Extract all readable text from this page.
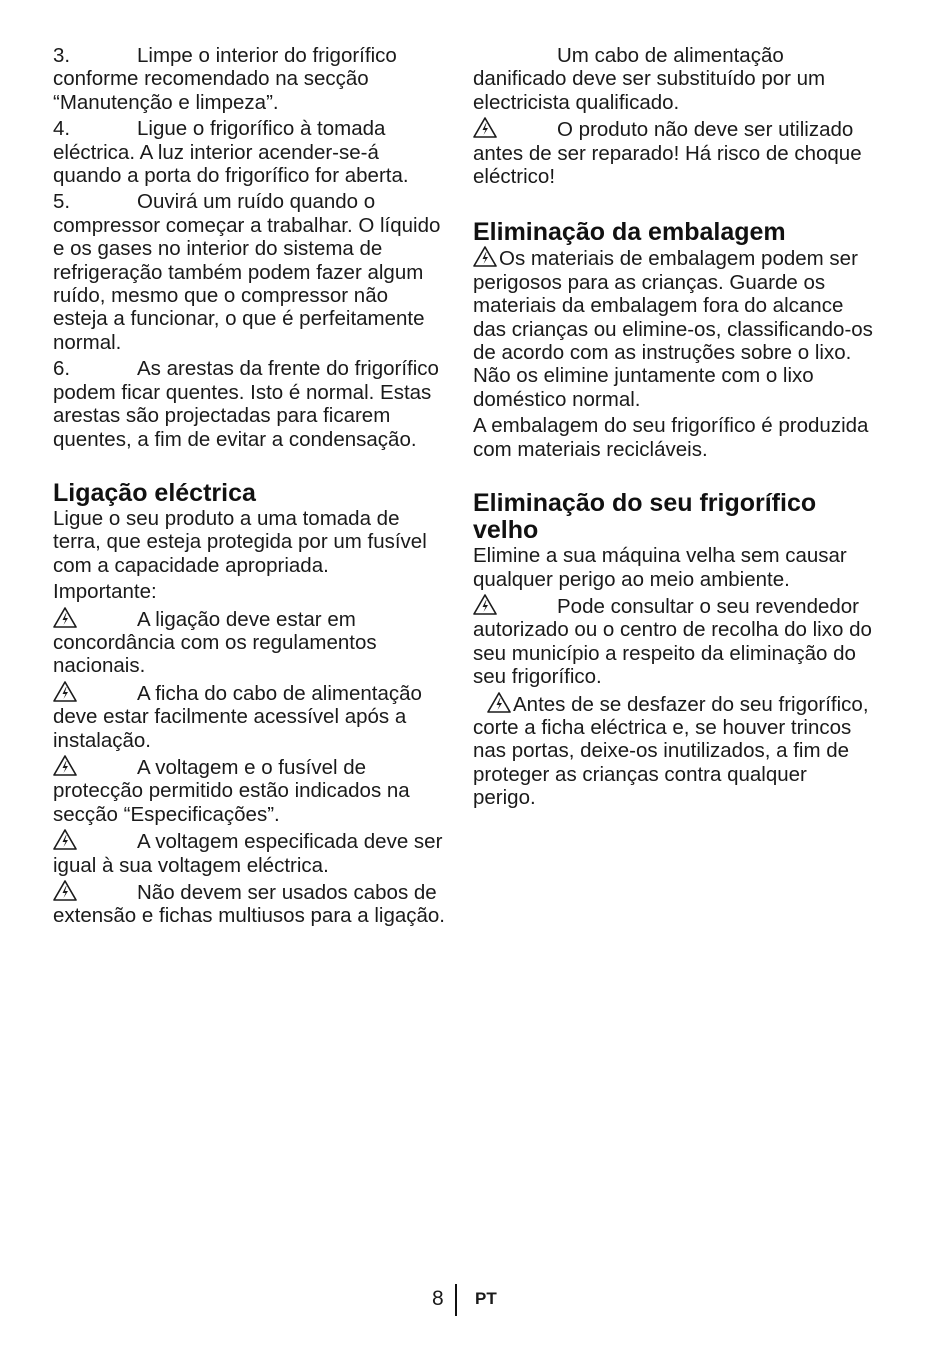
3.	Limpe o interior do frigorífico conforme recomendado na secção “Manutenção e limpeza”.

4.	Ligue o frigorífico à tomada eléctrica. A luz interior acender-se-á quando a porta do frigorífico for aberta.

5.	Ouvirá um ruído quando o compressor começar a trabalhar. O líquido e os gases no interior do sistema de refrigeração também podem fazer algum ruído, mesmo que o compressor não esteja a funcionar, o que é perfeitamente normal.

6.	As arestas da frente do frigorífico podem ficar quentes. Isto é normal. Estas arestas são projectadas para ficarem quentes, a fim de evitar a condensação.

Ligação eléctrica

Ligue o seu produto a uma tomada de terra, que esteja protegida por um fusível com a capacidade apropriada.

Importante:

A ligação deve estar em concordância com os regulamentos nacionais.

A ficha do cabo de alimentação deve estar facilmente acessível após a instalação.

A voltagem e o fusível de protecção permitido estão indicados na secção “Especificações”.

A voltagem especificada deve ser igual à sua voltagem eléctrica.

Não devem ser usados cabos de extensão e fichas multiusos para a ligação.

Um cabo de alimentação danificado deve ser substituído por um electricista qualificado.

O produto não deve ser utilizado antes de ser reparado! Há risco de choque eléctrico!

Eliminação da embalagem

Os materiais de embalagem podem ser perigosos para as crianças. Guarde os materiais da embalagem fora do alcance das crianças ou elimine-os, classificando-os de acordo com as instruções sobre o lixo. Não os elimine juntamente com o lixo doméstico normal.

A embalagem do seu frigorífico é produzida com materiais recicláveis.

Eliminação do seu frigorífico velho

Elimine a sua máquina velha sem causar qualquer perigo ao meio ambiente.

Pode consultar o seu revendedor autorizado ou o centro de recolha do lixo do seu município a respeito da eliminação do seu frigorífico.

Antes de se desfazer do seu frigorífico, corte a ficha eléctrica e, se houver trincos nas portas, deixe-os inutilizados, a fim de proteger as crianças contra qualquer perigo.

8 PT
